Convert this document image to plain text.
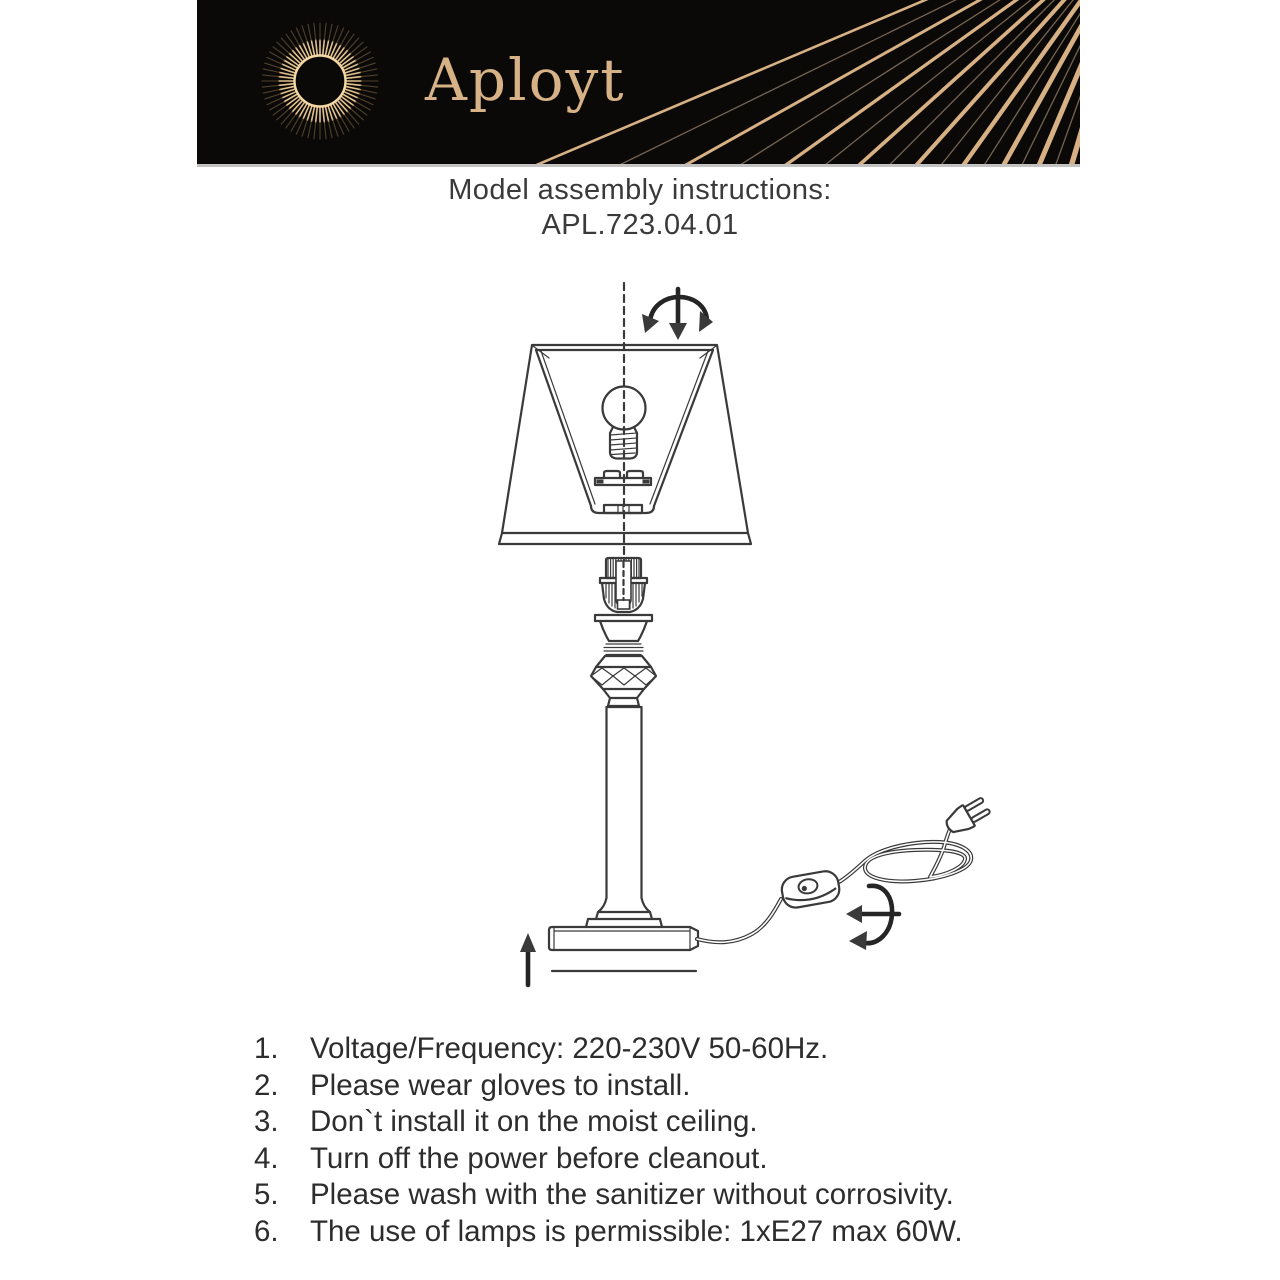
Aployt
Model assembly instructions:
APL.723.04.01
1.	Voltage/Frequency: 220-230V 50-60Hz.
2.	Please wear gloves to install.
3.	Don`t install it on the moist ceiling.
4.	Turn off the power before cleanout.
5.	Please wash with the sanitizer without corrosivity.
6.	The use of lamps is permissible: 1xE27 max 60W.
